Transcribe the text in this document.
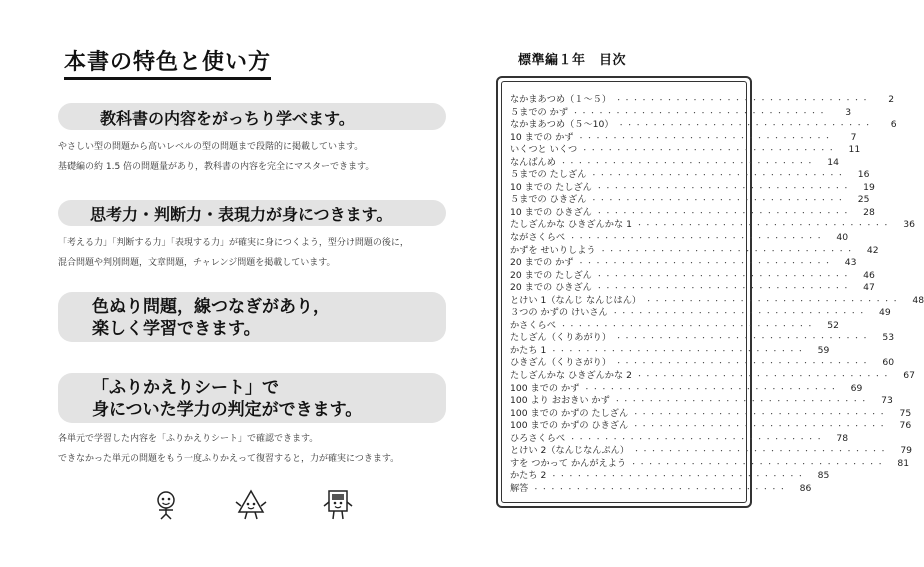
本書の特色と使い方
教科書の内容をがっちり学べます。
やさしい型の問題から高いレベルの型の問題まで段階的に掲載しています。
基礎編の約 1.5 倍の問題量があり，教科書の内容を完全にマスターできます。
思考力・判断力・表現力が身につきます。
「考える力」「判断する力」「表現する力」が確実に身につくよう，型分け問題の後に，
混合問題や判別問題，文章問題，チャレンジ問題を掲載しています。
色ぬり問題，線つなぎがあり，
楽しく学習できます。
「ふりかえりシート」で
身についた学力の判定ができます。
各単元で学習した内容を「ふりかえりシート」で確認できます。
できなかった単元の問題をもう一度ふりかえって復習すると，力が確実につきます。
標準編１年　目次
なかまあつめ（１～５） ・・・・・・・・・・・・・・・・・・・・・・・・・・・・・・	2
５までの かず ・・・・・・・・・・・・・・・・・・・・・・・・・・・・・・	3
なかまあつめ（５～10） ・・・・・・・・・・・・・・・・・・・・・・・・・・・・・・	6
10 までの かず ・・・・・・・・・・・・・・・・・・・・・・・・・・・・・・	7
いくつと いくつ ・・・・・・・・・・・・・・・・・・・・・・・・・・・・・・	11
なんばんめ ・・・・・・・・・・・・・・・・・・・・・・・・・・・・・・	14
５までの たしざん ・・・・・・・・・・・・・・・・・・・・・・・・・・・・・・	16
10 までの たしざん ・・・・・・・・・・・・・・・・・・・・・・・・・・・・・・	19
５までの ひきざん ・・・・・・・・・・・・・・・・・・・・・・・・・・・・・・	25
10 までの ひきざん ・・・・・・・・・・・・・・・・・・・・・・・・・・・・・・	28
たしざんかな ひきざんかな 1 ・・・・・・・・・・・・・・・・・・・・・・・・・・・・・・	36
ながさくらべ ・・・・・・・・・・・・・・・・・・・・・・・・・・・・・・	40
かずを せいりしよう ・・・・・・・・・・・・・・・・・・・・・・・・・・・・・・	42
20 までの かず ・・・・・・・・・・・・・・・・・・・・・・・・・・・・・・	43
20 までの たしざん ・・・・・・・・・・・・・・・・・・・・・・・・・・・・・・	46
20 までの ひきざん ・・・・・・・・・・・・・・・・・・・・・・・・・・・・・・	47
とけい 1（なんじ なんじはん） ・・・・・・・・・・・・・・・・・・・・・・・・・・・・・・	48
３つの かずの けいさん ・・・・・・・・・・・・・・・・・・・・・・・・・・・・・・	49
かさくらべ ・・・・・・・・・・・・・・・・・・・・・・・・・・・・・・	52
たしざん（くりあがり） ・・・・・・・・・・・・・・・・・・・・・・・・・・・・・・	53
かたち 1 ・・・・・・・・・・・・・・・・・・・・・・・・・・・・・・	59
ひきざん（くりさがり） ・・・・・・・・・・・・・・・・・・・・・・・・・・・・・・	60
たしざんかな ひきざんかな 2 ・・・・・・・・・・・・・・・・・・・・・・・・・・・・・・	67
100 までの かず ・・・・・・・・・・・・・・・・・・・・・・・・・・・・・・	69
100 より おおきい かず ・・・・・・・・・・・・・・・・・・・・・・・・・・・・・・	73
100 までの かずの たしざん ・・・・・・・・・・・・・・・・・・・・・・・・・・・・・・	75
100 までの かずの ひきざん ・・・・・・・・・・・・・・・・・・・・・・・・・・・・・・	76
ひろさくらべ ・・・・・・・・・・・・・・・・・・・・・・・・・・・・・・	78
とけい 2（なんじなんぷん） ・・・・・・・・・・・・・・・・・・・・・・・・・・・・・・	79
すを つかって かんがえよう ・・・・・・・・・・・・・・・・・・・・・・・・・・・・・・	81
かたち 2 ・・・・・・・・・・・・・・・・・・・・・・・・・・・・・・	85
解答 ・・・・・・・・・・・・・・・・・・・・・・・・・・・・・・	86
